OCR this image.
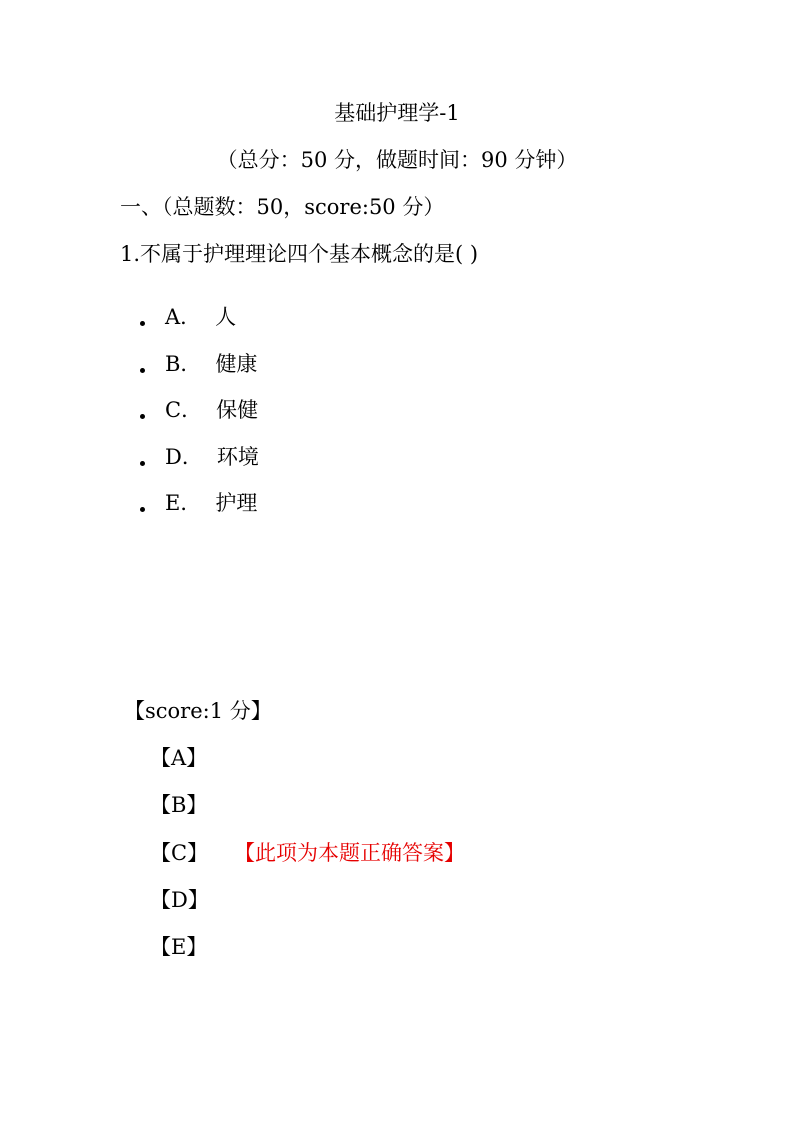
基础护理学-1
（总分：50 分，做题时间：90 分钟）
一、（总题数：50，score:50 分）
1.不属于护理理论四个基本概念的是( )
A． 人
B． 健康
C． 保健
D． 环境
E． 护理
【score:1 分】
【A】
【B】
【C】	【此项为本题正确答案】
【D】
【E】
